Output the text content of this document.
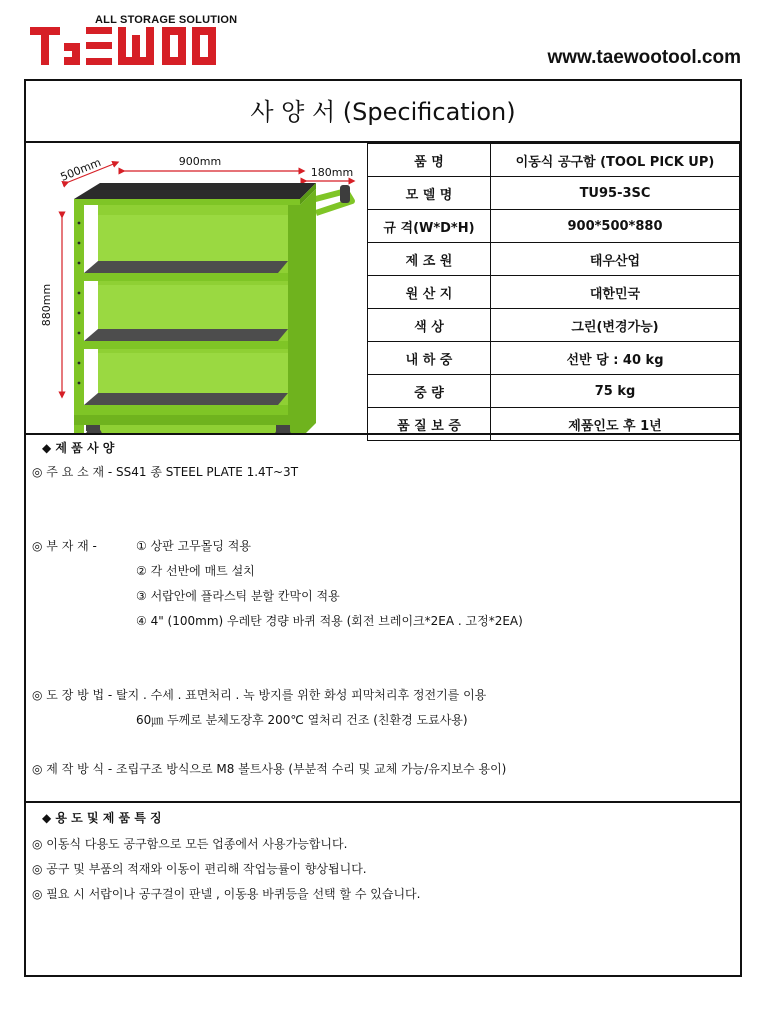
ALL STORAGE SOLUTION
www.taewootool.com
사 양 서 (Specification)
900mm
500mm	180mm
880mm
품 명	이동식 공구함 (TOOL PICK UP)
모 델 명	TU95-3SC
규 격(W*D*H)	900*500*880
제 조 원	태우산업
원 산 지	대한민국
색 상	그린(변경가능)
내 하 중	선반 당 : 40 kg
중 량	75 kg
품 질 보 증	제품인도 후 1년
◆ 제 품 사 양
◎ 주 요 소 재 - SS41 종 STEEL PLATE 1.4T~3T
◎ 부 자 재 -	① 상판 고무몰딩 적용
② 각 선반에 매트 설치
③ 서랍안에 플라스틱 분할 칸막이 적용
④ 4" (100mm) 우레탄 경량 바퀴 적용 (회전 브레이크*2EA . 고정*2EA)
◎ 도 장 방 법 - 탈지 . 수세 . 표면처리 . 녹 방지를 위한 화성 피막처리후 정전기를 이용
60㎛ 두께로 분체도장후 200℃ 열처리 건조 (친환경 도료사용)
◎ 제 작 방 식 - 조립구조 방식으로 M8 볼트사용 (부분적 수리 및 교체 가능/유지보수 용이)
◆ 용 도 및 제 품 특 징
◎ 이동식 다용도 공구함으로 모든 업종에서 사용가능합니다.
◎ 공구 및 부품의 적재와 이동이 편리해 작업능률이 향상됩니다.
◎ 필요 시 서랍이나 공구걸이 판넬 , 이동용 바퀴등을 선택 할 수 있습니다.
